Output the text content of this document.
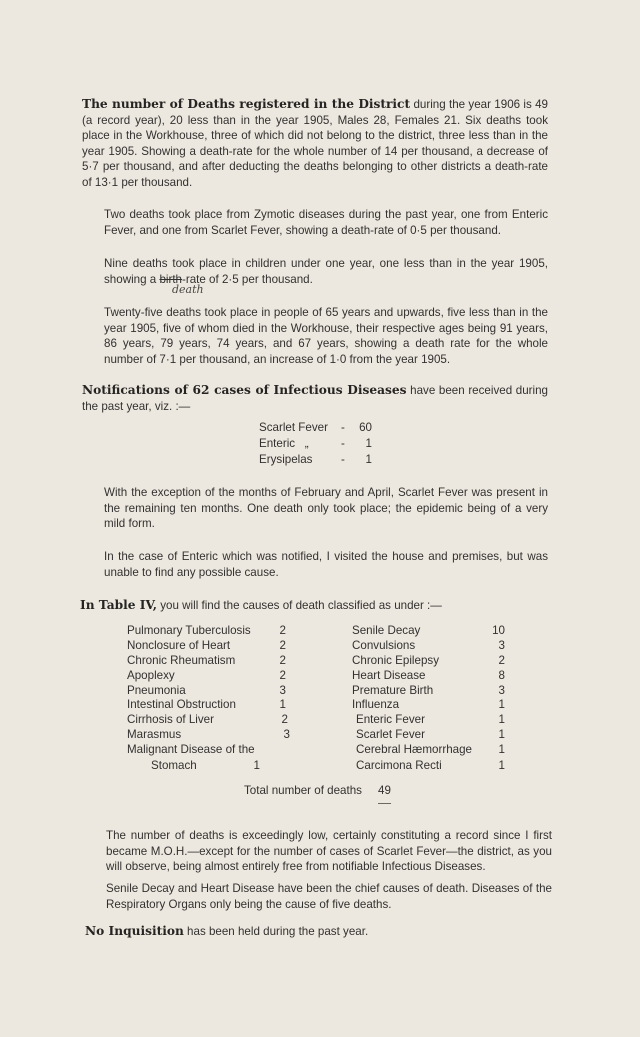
The number of Deaths registered in the District during the year 1906 is 49 (a record year), 20 less than in the year 1905, Males 28, Females 21. Six deaths took place in the Workhouse, three of which did not belong to the district, three less than in the year 1905. Showing a death-rate for the whole number of 14 per thousand, a decrease of 5·7 per thousand, and after deducting the deaths belonging to other districts a death-rate of 13·1 per thousand.

Two deaths took place from Zymotic diseases during the past year, one from Enteric Fever, and one from Scarlet Fever, showing a death-rate of 0·5 per thousand.

Nine deaths took place in children under one year, one less than in the year 1905, showing a birth-rate of 2·5 per thousand.

death

Twenty-five deaths took place in people of 65 years and upwards, five less than in the year 1905, five of whom died in the Workhouse, their respective ages being 91 years, 86 years, 79 years, 74 years, and 67 years, showing a death rate for the whole number of 7·1 per thousand, an increase of 1·0 from the year 1905.

Notifications of 62 cases of Infectious Diseases have been received during the past year, viz. :—

Scarlet Fever -	60
Enteric   „	-	1
Erysipelas -	1

With the exception of the months of February and April, Scarlet Fever was present in the remaining ten months. One death only took place; the epidemic being of a very mild form.

In the case of Enteric which was notified, I visited the house and premises, but was unable to find any possible cause.

In Table IV, you will find the causes of death classified as under :—

Pulmonary Tuberculosis	2
Nonclosure of Heart	2
Chronic Rheumatism	2
Apoplexy	2
Pneumonia	3
Intestinal Obstruction	1
Cirrhosis of Liver	2
Marasmus	3
Malignant Disease of the
Stomach	1
Senile Decay	10
Convulsions	3
Chronic Epilepsy	2
Heart Disease	8
Premature Birth	3
Influenza	1
Enteric Fever	1
Scarlet Fever	1
Cerebral Hæmorrhage	1
Carcimona Recti	1
Total number of deaths 49

The number of deaths is exceedingly low, certainly constituting a record since I first became M.O.H.—except for the number of cases of Scarlet Fever—the district, as you will observe, being almost entirely free from notifiable Infectious Diseases.

Senile Decay and Heart Disease have been the chief causes of death. Diseases of the Respiratory Organs only being the cause of five deaths.

No Inquisition has been held during the past year.
